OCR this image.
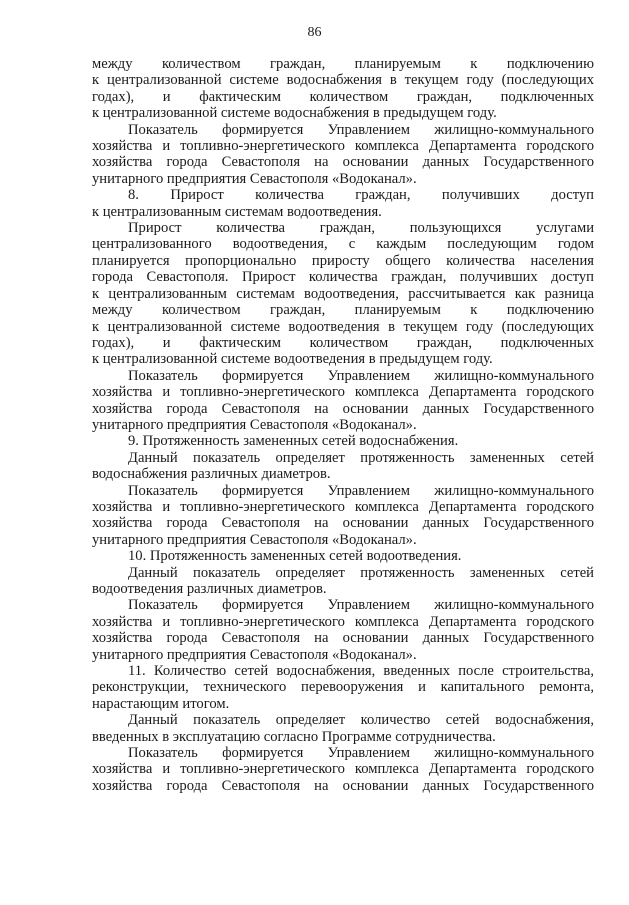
86
между количеством граждан, планируемым к подключению
к централизованной системе водоснабжения в текущем году (последующих
годах), и фактическим количеством граждан, подключенных
к централизованной системе водоснабжения в предыдущем году.
Показатель формируется Управлением жилищно-коммунального
хозяйства и топливно-энергетического комплекса Департамента городского
хозяйства города Севастополя на основании данных Государственного
унитарного предприятия Севастополя «Водоканал».
8. Прирост количества граждан, получивших доступ
к централизованным системам водоотведения.
Прирост количества граждан, пользующихся услугами
централизованного водоотведения, с каждым последующим годом
планируется пропорционально приросту общего количества населения
города Севастополя. Прирост количества граждан, получивших доступ
к централизованным системам водоотведения, рассчитывается как разница
между количеством граждан, планируемым к подключению
к централизованной системе водоотведения в текущем году (последующих
годах), и фактическим количеством граждан, подключенных
к централизованной системе водоотведения в предыдущем году.
Показатель формируется Управлением жилищно-коммунального
хозяйства и топливно-энергетического комплекса Департамента городского
хозяйства города Севастополя на основании данных Государственного
унитарного предприятия Севастополя «Водоканал».
9. Протяженность замененных сетей водоснабжения.
Данный показатель определяет протяженность замененных сетей
водоснабжения различных диаметров.
Показатель формируется Управлением жилищно-коммунального
хозяйства и топливно-энергетического комплекса Департамента городского
хозяйства города Севастополя на основании данных Государственного
унитарного предприятия Севастополя «Водоканал».
10. Протяженность замененных сетей водоотведения.
Данный показатель определяет протяженность замененных сетей
водоотведения различных диаметров.
Показатель формируется Управлением жилищно-коммунального
хозяйства и топливно-энергетического комплекса Департамента городского
хозяйства города Севастополя на основании данных Государственного
унитарного предприятия Севастополя «Водоканал».
11. Количество сетей водоснабжения, введенных после строительства,
реконструкции, технического перевооружения и капитального ремонта,
нарастающим итогом.
Данный показатель определяет количество сетей водоснабжения,
введенных в эксплуатацию согласно Программе сотрудничества.
Показатель формируется Управлением жилищно-коммунального
хозяйства и топливно-энергетического комплекса Департамента городского
хозяйства города Севастополя на основании данных Государственного
